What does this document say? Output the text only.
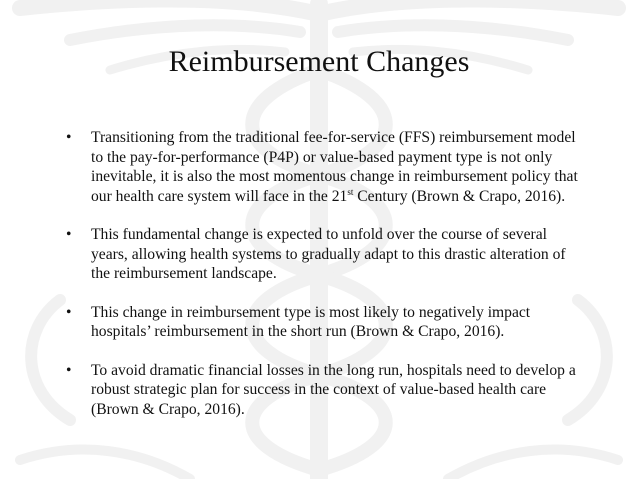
Reimbursement Changes
• Transitioning from the traditional fee-for-service (FFS) reimbursement model to the pay-for-performance (P4P) or value-based payment type is not only inevitable, it is also the most momentous change in reimbursement policy that our health care system will face in the 21st Century (Brown & Crapo, 2016).
• This fundamental change is expected to unfold over the course of several years, allowing health systems to gradually adapt to this drastic alteration of the reimbursement landscape.
• This change in reimbursement type is most likely to negatively impact hospitals’ reimbursement in the short run (Brown & Crapo, 2016).
• To avoid dramatic financial losses in the long run, hospitals need to develop a robust strategic plan for success in the context of value-based health care (Brown & Crapo, 2016).
